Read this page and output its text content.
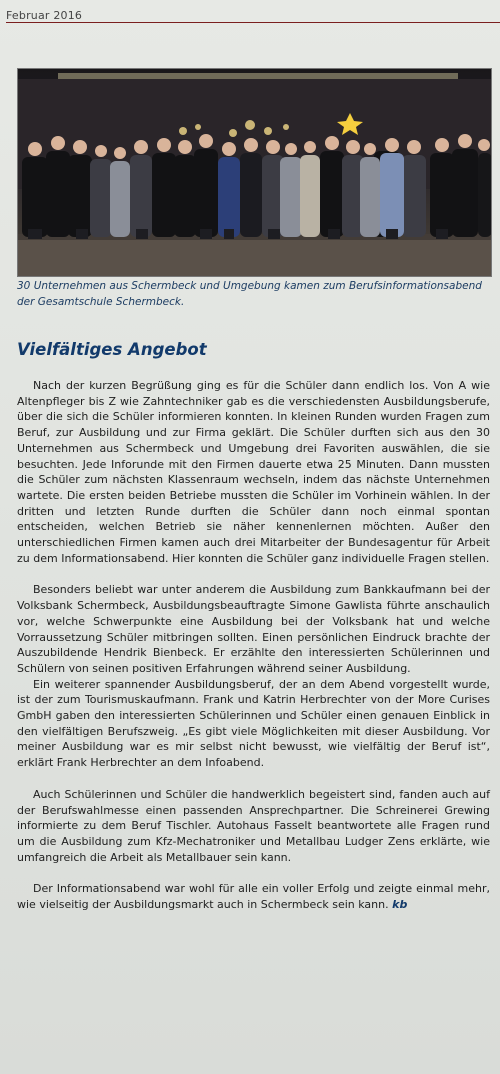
Februar 2016
30 Unternehmen aus Schermbeck und Umgebung kamen zum Berufsinformationsabend der Gesamtschule Schermbeck.
Vielfältiges Angebot

Nach der kurzen Begrüßung ging es für die Schüler dann endlich los. Von A wie Altenpfleger bis Z wie Zahntechniker gab es die verschiedensten Ausbildungsberufe, über die sich die Schüler informieren konnten. In kleinen Runden wurden Fragen zum Beruf, zur Ausbildung und zur Firma geklärt. Die Schüler durften sich aus den 30 Unternehmen aus Schermbeck und Umgebung drei Favoriten auswählen, die sie besuchten. Jede Inforunde mit den Firmen dauerte etwa 25 Minuten. Dann mussten die Schüler zum nächsten Klassenraum wechseln, indem das nächste Unternehmen wartete. Die ersten beiden Betriebe mussten die Schüler im Vorhinein wählen. In der dritten und letzten Runde durften die Schüler dann noch einmal spontan entscheiden, welchen Betrieb sie näher kennenlernen möchten. Außer den unterschiedlichen Firmen kamen auch drei Mitarbeiter der Bundesagentur für Arbeit zu dem Informationsabend. Hier konnten die Schüler ganz individuelle Fragen stellen.

Besonders beliebt war unter anderem die Ausbildung zum Bankkaufmann bei der Volksbank Schermbeck, Ausbildungsbeauftragte Simone Gawlista führte anschaulich vor, welche Schwerpunkte eine Ausbildung bei der Volksbank hat und welche Vorraussetzung Schüler mitbringen sollten. Einen persönlichen Eindruck brachte der Auszubildende Hendrik Bienbeck. Er erzählte den interessierten Schülerinnen und Schülern von seinen positiven Erfahrungen während seiner Ausbildung.

Ein weiterer spannender Ausbildungsberuf, der an dem Abend vorgestellt wurde, ist der zum Tourismuskaufmann. Frank und Katrin Herbrechter von der More Curises GmbH gaben den interessierten Schülerinnen und Schüler einen genauen Einblick in den vielfältigen Berufszweig. „Es gibt viele Möglichkeiten mit dieser Ausbildung. Vor meiner Ausbildung war es mir selbst nicht bewusst, wie vielfältig der Beruf ist“, erklärt Frank Herbrechter an dem Infoabend.

Auch Schülerinnen und Schüler die handwerklich begeistert sind, fanden auch auf der Berufswahlmesse einen passenden Ansprechpartner. Die Schreinerei Grewing informierte zu dem Beruf Tischler. Autohaus Fasselt beantwortete alle Fragen rund um die Ausbildung zum Kfz-Mechatroniker und Metallbau Ludger Zens erklärte, wie umfangreich die Arbeit als Metallbauer sein kann.

Der Informationsabend war wohl für alle ein voller Erfolg und zeigte einmal mehr, wie vielseitig der Ausbildungsmarkt auch in Schermbeck sein kann. kb
